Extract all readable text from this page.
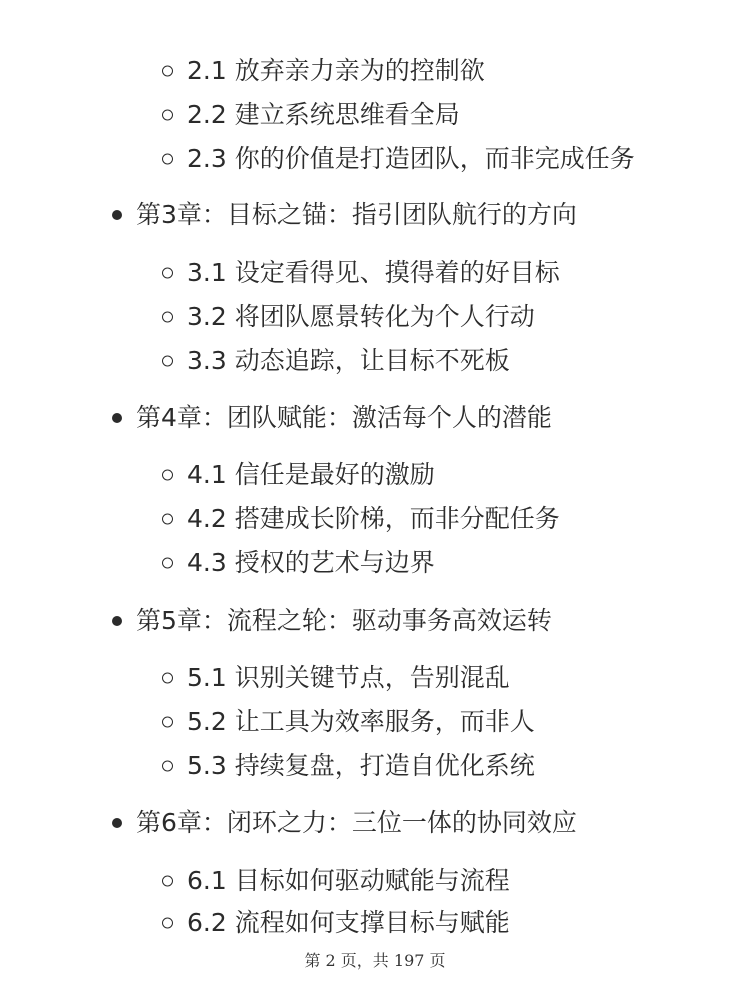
2.1 放弃亲力亲为的控制欲
2.2 建立系统思维看全局
2.3 你的价值是打造团队，而非完成任务
第3章：目标之锚：指引团队航行的方向
3.1 设定看得见、摸得着的好目标
3.2 将团队愿景转化为个人行动
3.3 动态追踪，让目标不死板
第4章：团队赋能：激活每个人的潜能
4.1 信任是最好的激励
4.2 搭建成长阶梯，而非分配任务
4.3 授权的艺术与边界
第5章：流程之轮：驱动事务高效运转
5.1 识别关键节点，告别混乱
5.2 让工具为效率服务，而非人
5.3 持续复盘，打造自优化系统
第6章：闭环之力：三位一体的协同效应
6.1 目标如何驱动赋能与流程
6.2 流程如何支撑目标与赋能
第 2 页，共 197 页
